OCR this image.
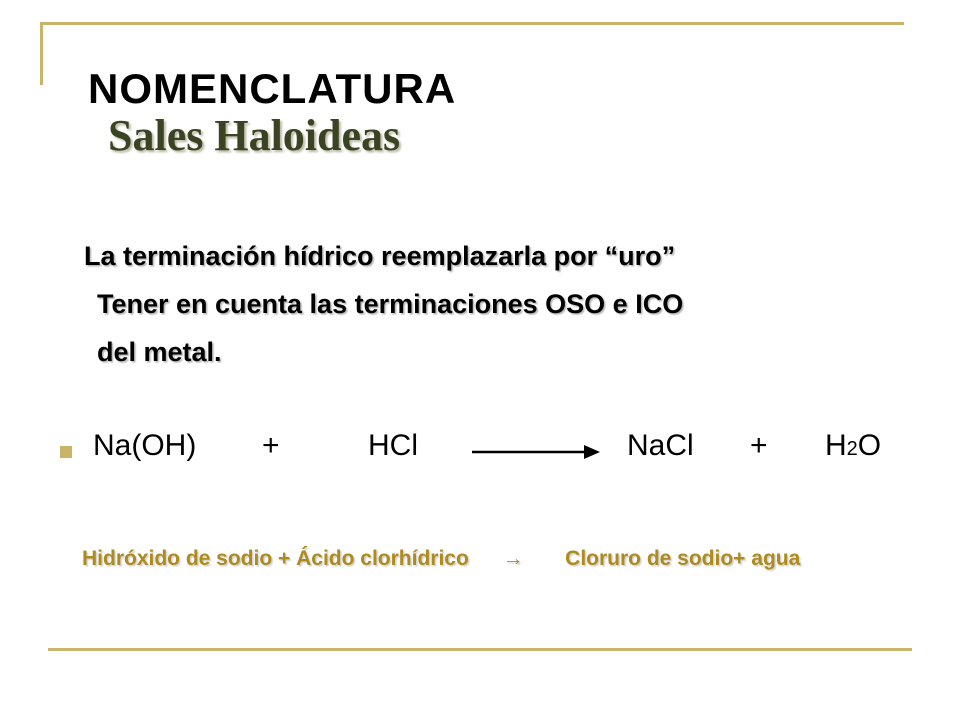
NOMENCLATURA
Sales Haloideas
La terminación hídrico reemplazarla por “uro”
Tener en cuenta las terminaciones OSO e ICO
del metal.
Na(OH) +	HCl	NaCl + H2O
Hidróxido de sodio + Ácido clorhídrico → Cloruro de sodio+ agua
